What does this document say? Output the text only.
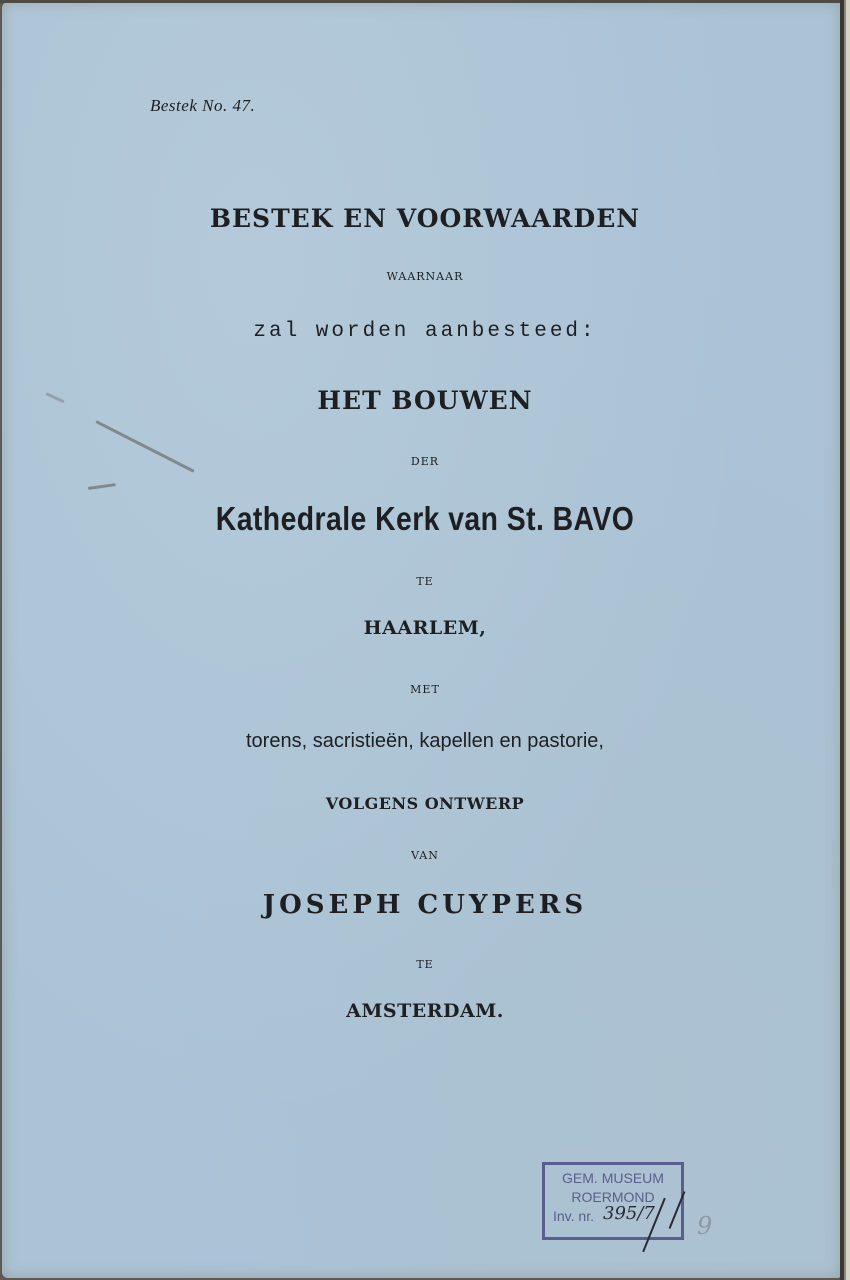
Bestek No. 47.
BESTEK EN VOORWAARDEN
WAARNAAR
zal worden aanbesteed:
HET BOUWEN
DER
Kathedrale Kerk van St. BAVO
TE
HAARLEM,
MET
torens, sacristieën, kapellen en pastorie,
VOLGENS ONTWERP
VAN
JOSEPH CUYPERS
TE
AMSTERDAM.
GEM. MUSEUM
ROERMOND
Inv. nr. 395/7 9
